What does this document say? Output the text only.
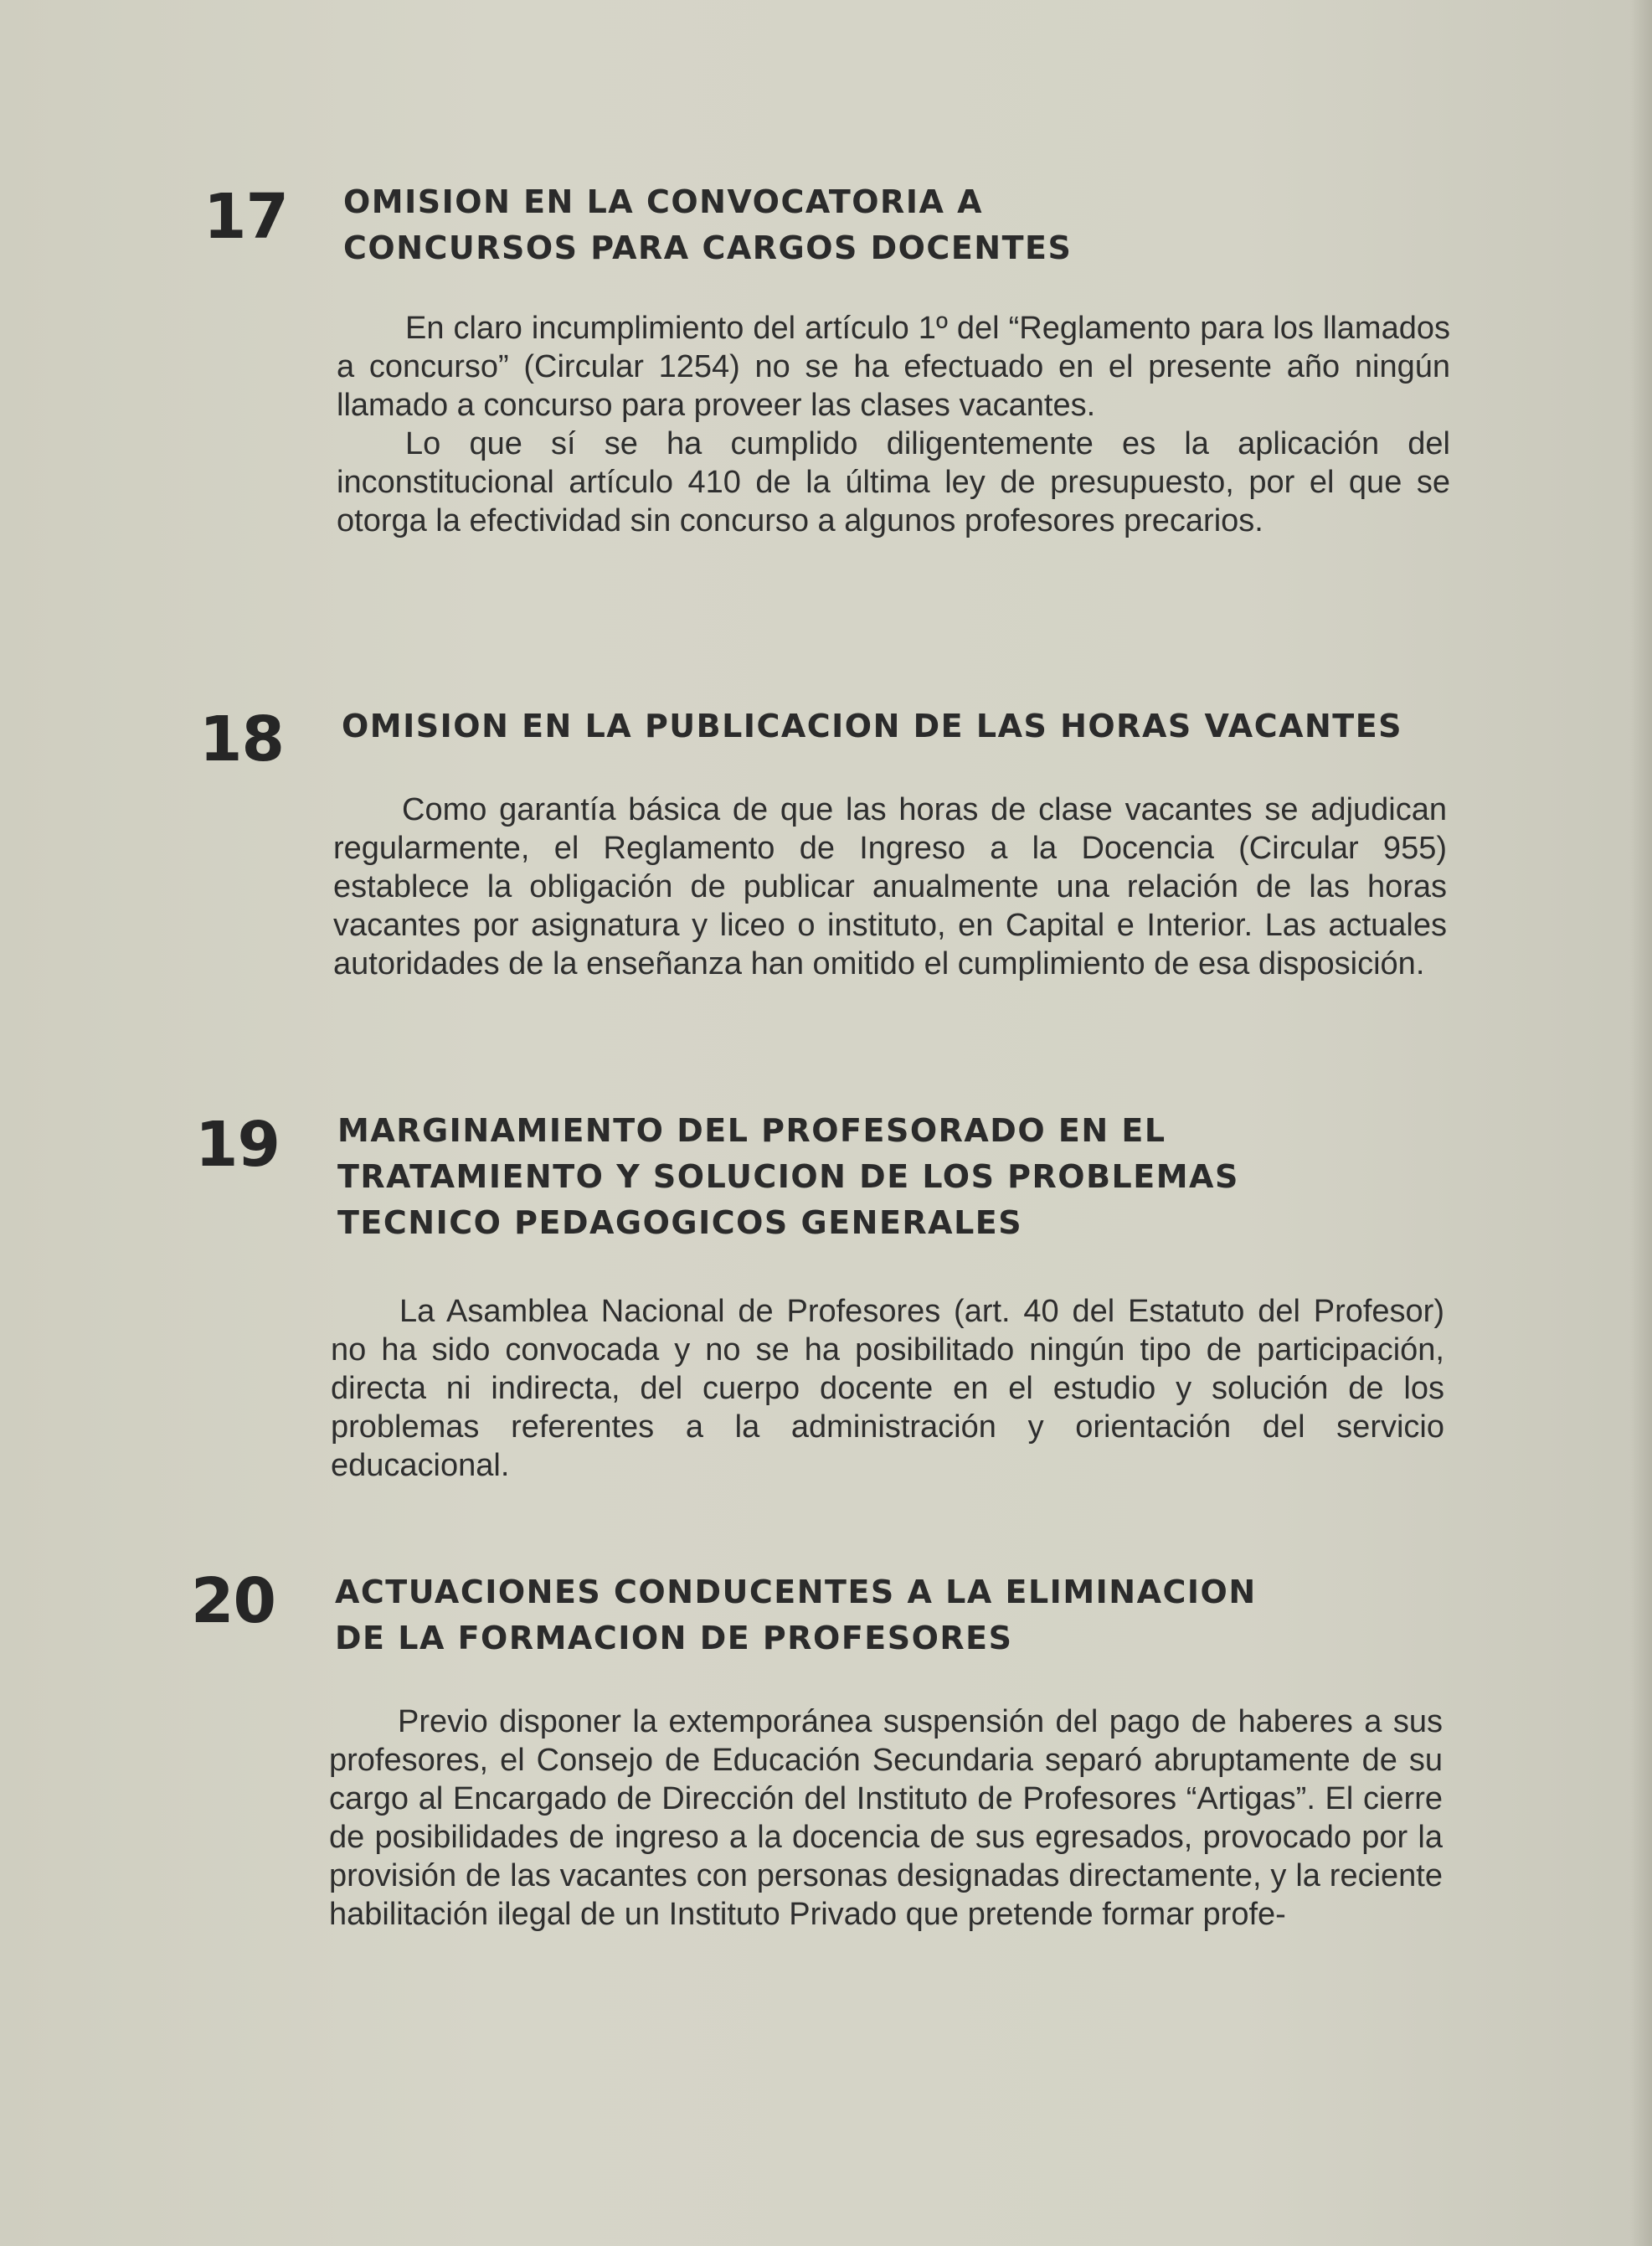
⠀
17 OMISION EN LA CONVOCATORIA A
CONCURSOS PARA CARGOS DOCENTES

En claro incumplimiento del artículo 1º del “Reglamento para los llamados a concurso” (Circular 1254) no se ha efectuado en el presente año ningún llamado a concurso para proveer las clases vacantes.

Lo que sí se ha cumplido diligentemente es la aplicación del inconstitucional artículo 410 de la última ley de presupuesto, por el que se otorga la efectividad sin concurso a algunos profesores precarios.

18 OMISION EN LA PUBLICACION DE LAS HORAS VACANTES

Como garantía básica de que las horas de clase vacantes se adjudican regularmente, el Reglamento de Ingreso a la Docencia (Circular 955) establece la obligación de publicar anualmente una relación de las horas vacantes por asignatura y liceo o instituto, en Capital e Interior. Las actuales autoridades de la enseñanza han omitido el cumplimiento de esa disposición.

19 MARGINAMIENTO DEL PROFESORADO EN EL
TRATAMIENTO Y SOLUCION DE LOS PROBLEMAS
TECNICO PEDAGOGICOS GENERALES

La Asamblea Nacional de Profesores (art. 40 del Estatuto del Profesor) no ha sido convocada y no se ha posibilitado ningún tipo de participación, directa ni indirecta, del cuerpo docente en el estudio y solución de los problemas referentes a la administración y orientación del servicio educacional.

20 ACTUACIONES CONDUCENTES A LA ELIMINACION
DE LA FORMACION DE PROFESORES

Previo disponer la extemporánea suspensión del pago de haberes a sus profesores, el Consejo de Educación Secundaria separó abruptamente de su cargo al Encargado de Dirección del Instituto de Profesores “Artigas”. El cierre de posibilidades de ingreso a la docencia de sus egresados, provocado por la provisión de las vacantes con personas designadas directamente, y la reciente habilitación ilegal de un Instituto Privado que pretende formar profe-
